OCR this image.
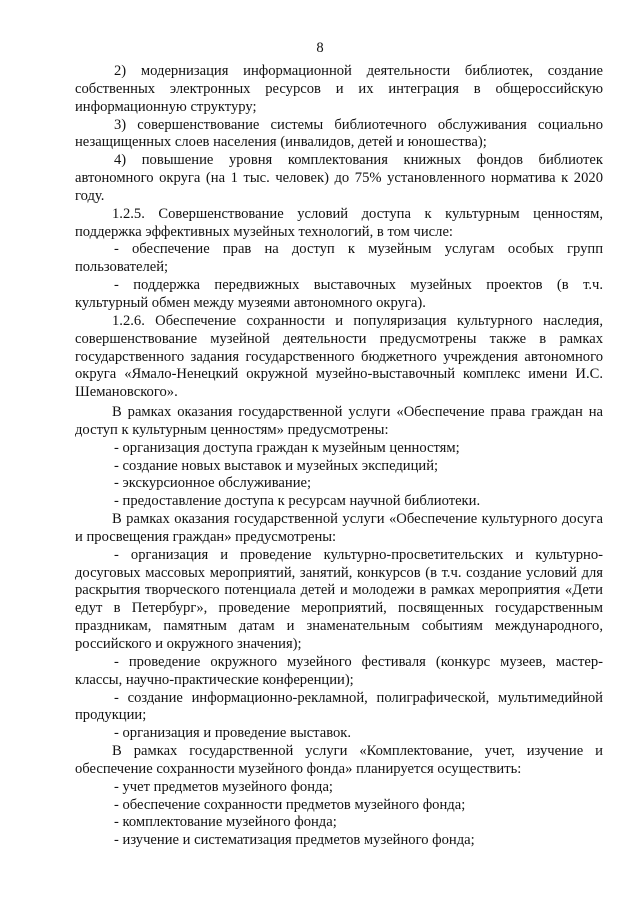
8

2) модернизация информационной деятельности библиотек, создание собственных электронных ресурсов и их интеграция в общероссийскую информационную структуру;

3) совершенствование системы библиотечного обслуживания социально незащищенных слоев населения (инвалидов, детей и юношества);

4) повышение уровня комплектования книжных фондов библиотек автономного округа (на 1 тыс. человек) до 75% установленного норматива к 2020 году.

1.2.5. Совершенствование условий доступа к культурным ценностям, поддержка эффективных музейных технологий, в том числе:

- обеспечение прав на доступ к музейным услугам особых групп пользователей;

- поддержка передвижных выставочных музейных проектов (в т.ч. культурный обмен между музеями автономного округа).

1.2.6. Обеспечение сохранности и популяризация культурного наследия, совершенствование музейной деятельности предусмотрены также в рамках государственного задания государственного бюджетного учреждения автономного округа «Ямало-Ненецкий окружной музейно-выставочный комплекс имени И.С. Шемановского».

В рамках оказания государственной услуги «Обеспечение права граждан на доступ к культурным ценностям» предусмотрены:

- организация доступа граждан к музейным ценностям;

- создание новых выставок и музейных экспедиций;

- экскурсионное обслуживание;

- предоставление доступа к ресурсам научной библиотеки.

В рамках оказания государственной услуги «Обеспечение культурного досуга и просвещения граждан» предусмотрены:

- организация и проведение культурно-просветительских и культурно-досуговых массовых мероприятий, занятий, конкурсов (в т.ч. создание условий для раскрытия творческого потенциала детей и молодежи в рамках мероприятия «Дети едут в Петербург», проведение мероприятий, посвященных государственным праздникам, памятным датам и знаменательным событиям международного, российского и окружного значения);

- проведение окружного музейного фестиваля (конкурс музеев, мастер-классы, научно-практические конференции);

- создание информационно-рекламной, полиграфической, мультимедийной продукции;

- организация и проведение выставок.

В рамках государственной услуги «Комплектование, учет, изучение и обеспечение сохранности музейного фонда» планируется осуществить:

- учет предметов музейного фонда;

- обеспечение сохранности предметов музейного фонда;

- комплектование музейного фонда;

- изучение и систематизация предметов музейного фонда;
